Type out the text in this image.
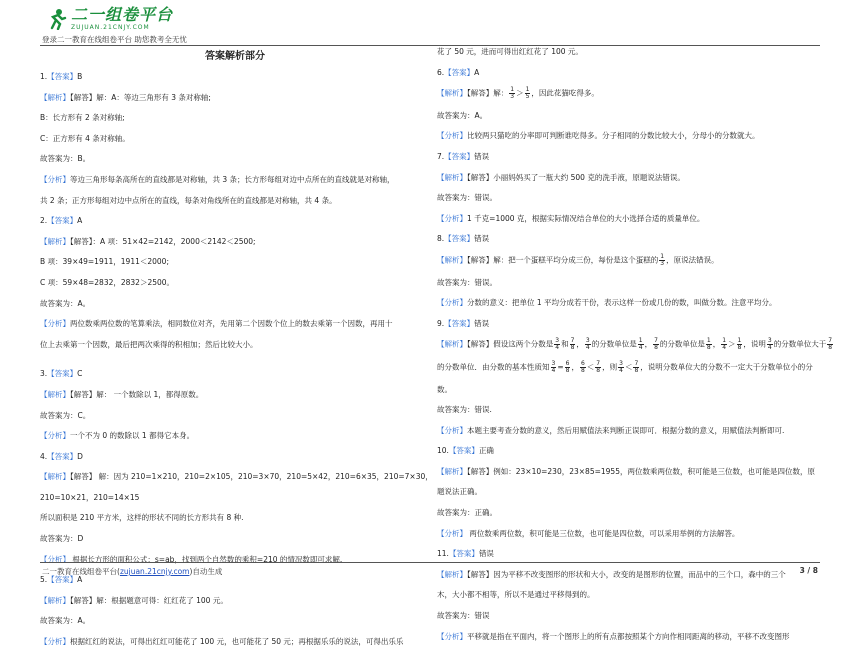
二一组卷平台
ZUJUAN.21CNJY.COM
登录二一教育在线组卷平台 助您教考全无忧
答案解析部分
1.【答案】B
【解析】【解答】解：A：等边三角形有 3 条对称轴;
B：长方形有 2 条对称轴;
C：正方形有 4 条对称轴。
故答案为：B。
【分析】等边三角形每条高所在的直线都是对称轴，共 3 条；长方形每组对边中点所在的直线就是对称轴，
共 2 条；正方形每组对边中点所在的直线，每条对角线所在的直线都是对称轴，共 4 条。
2.【答案】A
【解析】【解答】：A 项：51×42=2142，2000＜2142＜2500;
B 项：39×49=1911，1911＜2000;
C 项：59×48=2832，2832＞2500。
故答案为：A。
【分析】两位数乘两位数的笔算乘法，相同数位对齐，先用第二个因数个位上的数去乘第一个因数，再用十
位上去乘第一个因数，最后把两次乘得的积相加；然后比较大小。
3.【答案】C
【解析】【解答】解： 一个数除以 1，都得原数。
故答案为：C。
【分析】一个不为 0 的数除以 1 都得它本身。
4.【答案】D
【解析】【解答】 解：因为 210=1×210，210=2×105，210=3×70，210=5×42，210=6×35，210=7×30，
210=10×21，210=14×15
所以面积是 210 平方米，这样的形状不同的长方形共有 8 种.
故答案为：D
【分析】 根据长方形的面积公式：s=ab，找到两个自然数的乘积=210 的情况数即可求解.
5.【答案】A
【解析】【解答】解：根据题意可得：红红花了 100 元。
故答案为：A。
【分析】根据红红的说法，可得出红红可能花了 100 元，也可能花了 50 元；再根据乐乐的说法，可得出乐乐
花了 50 元，进而可得出红红花了 100 元。
6.【答案】A
【解析】【解答】解： $\frac{1}{3} > \frac{1}{5}$ ，因此花猫吃得多。
故答案为：A。
【分析】比较两只猫吃的分率即可判断谁吃得多。分子相同的分数比较大小，分母小的分数就大。
7.【答案】错误
【解析】【解答】小丽妈妈买了一瓶大约 500 克的洗手液，原题说法错误。
故答案为：错误。
【分析】1 千克=1000 克，根据实际情况结合单位的大小选择合适的质量单位。
8.【答案】错误
【解析】【解答】解：把一个蛋糕平均分成三份，每份是这个蛋糕的 $\frac{1}{3}$ ，原说法错误。
故答案为：错误。
【分析】分数的意义：把单位 1 平均分成若干份，表示这样一份或几份的数，叫做分数。注意平均分。
9.【答案】错误
【解析】【解答】假设这两个分数是 $\frac{3}{4}$ 和 $\frac{7}{8}$ ， $\frac{3}{4}$ 的分数单位是 $\frac{1}{4}$ ， $\frac{7}{8}$ 的分数单位是 $\frac{1}{8}$ ， $\frac{1}{4} > \frac{1}{8}$ ，说明 $\frac{3}{4}$ 的分数单位大于 $\frac{7}{8}$
的分数单位．由分数的基本性质知 $\frac{3}{4} = \frac{6}{8}$ ， $\frac{6}{8} < \frac{7}{8}$ ，则 $\frac{3}{4} < \frac{7}{8}$ ，说明分数单位大的分数不一定大于分数单位小的分
数。
故答案为：错误.
【分析】本题主要考查分数的意义，然后用赋值法来判断正误即可．根据分数的意义，用赋值法判断即可.
10.【答案】正确
【解析】【解答】例如：23×10=230，23×85=1955，两位数乘两位数，积可能是三位数，也可能是四位数，原
题说法正确。
故答案为：正确。
【分析】 两位数乘两位数，积可能是三位数，也可能是四位数，可以采用举例的方法解答。
11.【答案】错误
【解析】【解答】因为平移不改变图形的形状和大小，改变的是图形的位置，而品中的三个口，森中的三个
木，大小都不相等，所以不是通过平移得到的。
故答案为：错误
【分析】平移就是指在平面内，将一个图形上的所有点都按照某个方向作相同距离的移动，平移不改变图形
二一教育在线组卷平台(zujuan.21cnjy.com)自动生成	3 / 8
